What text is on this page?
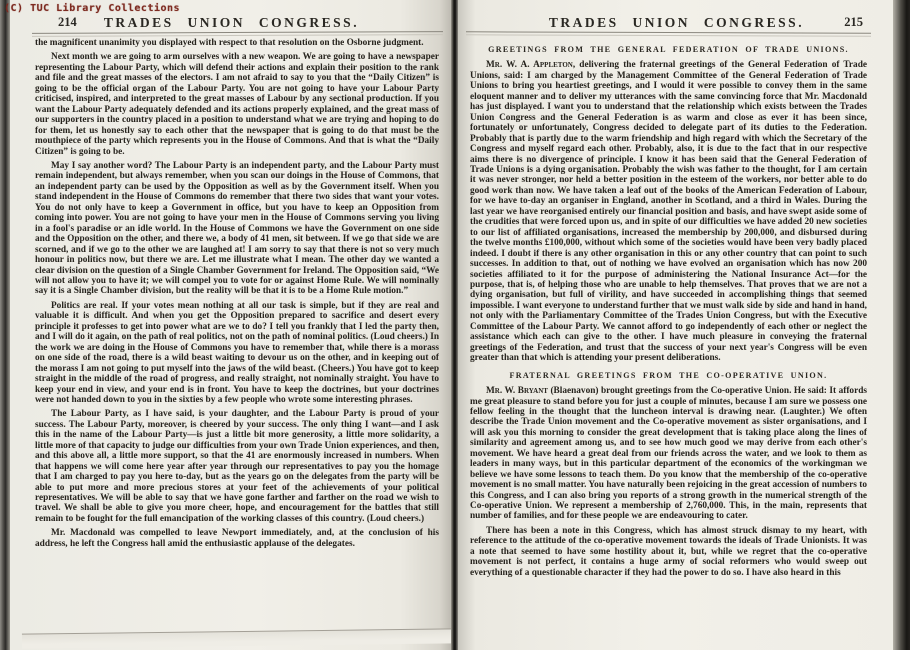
214	TRADES UNION CONGRESS.

the magnificent unanimity you displayed with respect to that resolution on the Osborne judgment.

Next month we are going to arm ourselves with a new weapon. We are going to have a newspaper representing the Labour Party, which will defend their actions and explain their position to the rank and file and the great masses of the electors. I am not afraid to say to you that the “Daily Citizen” is going to be the official organ of the Labour Party. You are not going to have your Labour Party criticised, inspired, and interpreted to the great masses of Labour by any sectional production. If you want the Labour Party adequately defended and its actions properly explained, and the great mass of our supporters in the country placed in a position to understand what we are trying and hoping to do for them, let us honestly say to each other that the newspaper that is going to do that must be the mouthpiece of the party which represents you in the House of Commons. And that is what the “Daily Citizen” is going to be.

May I say another word? The Labour Party is an independent party, and the Labour Party must remain independent, but always remember, when you scan our doings in the House of Commons, that an independent party can be used by the Opposition as well as by the Government itself. When you stand independent in the House of Commons do remember that there two sides that want your votes. You do not only have to keep a Government in office, but you have to keep an Opposition from coming into power. You are not going to have your men in the House of Commons serving you living in a fool's paradise or an idle world. In the House of Commons we have the Government on one side and the Opposition on the other, and there we, a body of 41 men, sit between. If we go that side we are scorned, and if we go to the other we are laughed at! I am sorry to say that there is not so very much honour in politics now, but there we are. Let me illustrate what I mean. The other day we wanted a clear division on the question of a Single Chamber Government for Ireland. The Opposition said, “We will not allow you to have it; we will compel you to vote for or against Home Rule. We will nominally say it is a Single Chamber division, but the reality will be that it is to be a Home Rule motion.”

Politics are real. If your votes mean nothing at all our task is simple, but if they are real and valuable it is difficult. And when you get the Opposition prepared to sacrifice and desert every principle it professes to get into power what are we to do? I tell you frankly that I led the party then, and I will do it again, on the path of real politics, not on the path of nominal politics. (Loud cheers.) In the work we are doing in the House of Commons you have to remember that, while there is a morass on one side of the road, there is a wild beast waiting to devour us on the other, and in keeping out of the morass I am not going to put myself into the jaws of the wild beast. (Cheers.) You have got to keep straight in the middle of the road of progress, and really straight, not nominally straight. You have to keep your end in view, and your end is in front. You have to keep the doctrines, but your doctrines were not handed down to you in the sixties by a few people who wrote some interesting phrases.

The Labour Party, as I have said, is your daughter, and the Labour Party is proud of your success. The Labour Party, moreover, is cheered by your success. The only thing I want—and I ask this in the name of the Labour Party—is just a little bit more generosity, a little more solidarity, a little more of that capacity to judge our difficulties from your own Trade Union experiences, and then, and this above all, a little more support, so that the 41 are enormously increased in numbers. When that happens we will come here year after year through our representatives to pay you the homage that I am charged to pay you here to-day, but as the years go on the delegates from the party will be able to put more and more precious stores at your feet of the achievements of your political representatives. We will be able to say that we have gone farther and farther on the road we wish to travel. We shall be able to give you more cheer, hope, and encouragement for the battles that still remain to be fought for the full emancipation of the working classes of this country. (Loud cheers.)

Mr. Macdonald was compelled to leave Newport immediately, and, at the conclusion of his address, he left the Congress hall amid the enthusiastic applause of the delegates.

215
TRADES UNION CONGRESS.

GREETINGS FROM THE GENERAL FEDERATION OF TRADE UNIONS.

Mr. W. A. Appleton, delivering the fraternal greetings of the General Federation of Trade Unions, said: I am charged by the Management Committee of the General Federation of Trade Unions to bring you heartiest greetings, and I would it were possible to convey them in the same eloquent manner and to deliver my utterances with the same convincing force that Mr. Macdonald has just displayed. I want you to understand that the relationship which exists between the Trades Union Congress and the General Federation is as warm and close as ever it has been since, fortunately or unfortunately, Congress decided to delegate part of its duties to the Federation. Probably that is partly due to the warm friendship and high regard with which the Secretary of the Congress and myself regard each other. Probably, also, it is due to the fact that in our respective aims there is no divergence of principle. I know it has been said that the General Federation of Trade Unions is a dying organisation. Probably the wish was father to the thought, for I am certain it was never stronger, nor held a better position in the esteem of the workers, nor better able to do good work than now. We have taken a leaf out of the books of the American Federation of Labour, for we have to-day an organiser in England, another in Scotland, and a third in Wales. During the last year we have reorganised entirely our financial position and basis, and have swept aside some of the crudities that were forced upon us, and in spite of our difficulties we have added 20 new societies to our list of affiliated organisations, increased the membership by 200,000, and disbursed during the twelve months £100,000, without which some of the societies would have been very badly placed indeed. I doubt if there is any other organisation in this or any other country that can point to such successes. In addition to that, out of nothing we have evolved an organisation which has now 200 societies affiliated to it for the purpose of administering the National Insurance Act—for the purpose, that is, of helping those who are unable to help themselves. That proves that we are not a dying organisation, but full of virility, and have succeeded in accomplishing things that seemed impossible. I want everyone to understand further that we must walk side by side and hand in hand, not only with the Parliamentary Committee of the Trades Union Congress, but with the Executive Committee of the Labour Party. We cannot afford to go independently of each other or neglect the assistance which each can give to the other. I have much pleasure in conveying the fraternal greetings of the Federation, and trust that the success of your next year's Congress will be even greater than that which is attending your present deliberations.

FRATERNAL GREETINGS FROM THE CO-OPERATIVE UNION.

Mr. W. Bryant (Blaenavon) brought greetings from the Co-operative Union. He said: It affords me great pleasure to stand before you for just a couple of minutes, because I am sure we possess one fellow feeling in the thought that the luncheon interval is drawing near. (Laughter.) We often describe the Trade Union movement and the Co-operative movement as sister organisations, and I will ask you this morning to consider the great development that is taking place along the lines of similarity and agreement among us, and to see how much good we may derive from each other's movement. We have heard a great deal from our friends across the water, and we look to them as leaders in many ways, but in this particular department of the economics of the workingman we believe we have some lessons to teach them. Do you know that the membership of the co-operative movement is no small matter. You have naturally been rejoicing in the great accession of numbers to this Congress, and I can also bring you reports of a strong growth in the numerical strength of the Co-operative Union. We represent a membership of 2,760,000. This, in the main, represents that number of families, and for these people we are endeavouring to cater.

There has been a note in this Congress, which has almost struck dismay to my heart, with reference to the attitude of the co-operative movement towards the ideals of Trade Unionists. It was a note that seemed to have some hostility about it, but, while we regret that the co-operative movement is not perfect, it contains a huge army of social reformers who would sweep out everything of a questionable character if they had the power to do so. I have also heard in this

(C) TUC Library Collections
